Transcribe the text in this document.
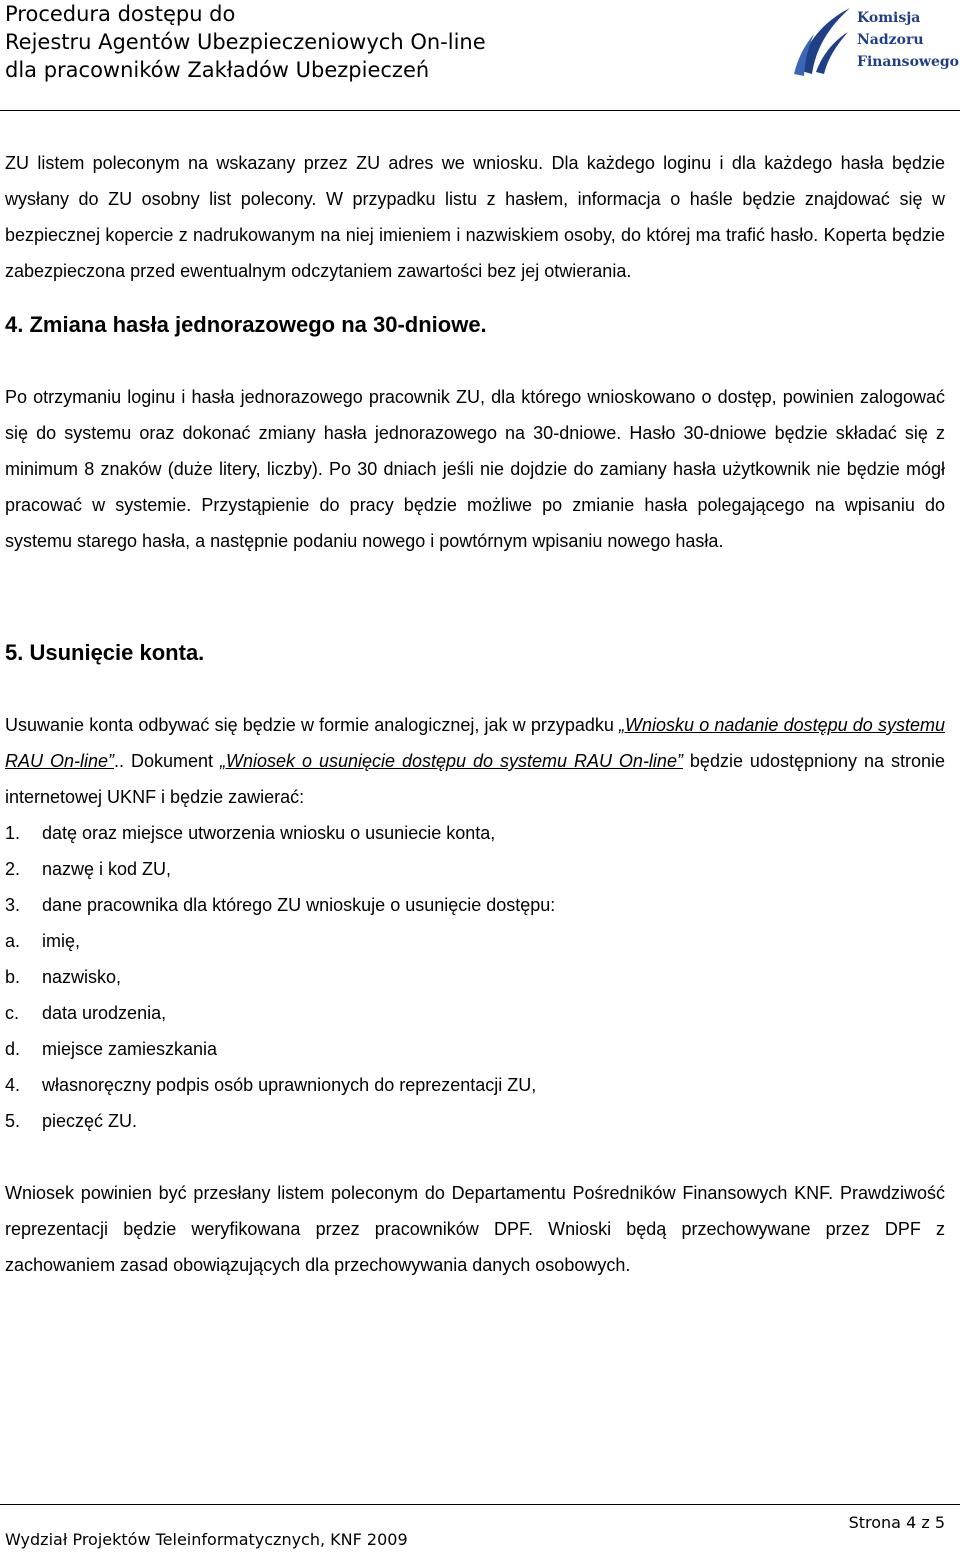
Procedura dostępu do
Rejestru Agentów Ubezpieczeniowych On-line
dla pracowników Zakładów Ubezpieczeń
Komisja
Nadzoru
Finansowego

ZU listem poleconym na wskazany przez ZU adres we wniosku. Dla każdego loginu i dla każdego hasła będzie wysłany do ZU osobny list polecony. W przypadku listu z hasłem, informacja o haśle będzie znajdować się w bezpiecznej kopercie z nadrukowanym na niej imieniem i nazwiskiem osoby, do której ma trafić hasło. Koperta będzie zabezpieczona przed ewentualnym odczytaniem zawartości bez jej otwierania.

4. Zmiana hasła jednorazowego na 30-dniowe.

Po otrzymaniu loginu i hasła jednorazowego pracownik ZU, dla którego wnioskowano o dostęp, powinien zalogować się do systemu oraz dokonać zmiany hasła jednorazowego na 30-dniowe. Hasło 30-dniowe będzie składać się z minimum 8 znaków (duże litery, liczby). Po 30 dniach jeśli nie dojdzie do zamiany hasła użytkownik nie będzie mógł pracować w systemie. Przystąpienie do pracy będzie możliwe po zmianie hasła polegającego na wpisaniu do systemu starego hasła, a następnie podaniu nowego i powtórnym wpisaniu nowego hasła.

5. Usunięcie konta.

Usuwanie konta odbywać się będzie w formie analogicznej, jak w przypadku „Wniosku o nadanie dostępu do systemu RAU On-line”.. Dokument „Wniosek o usunięcie dostępu do systemu RAU On-line” będzie udostępniony na stronie internetowej UKNF i będzie zawierać:

1. datę oraz miejsce utworzenia wniosku o usuniecie konta,
2. nazwę i kod ZU,
3. dane pracownika dla którego ZU wnioskuje o usunięcie dostępu:
a. imię,
b. nazwisko,
c. data urodzenia,
d. miejsce zamieszkania
4. własnoręczny podpis osób uprawnionych do reprezentacji ZU,
5. pieczęć ZU.

Wniosek powinien być przesłany listem poleconym do Departamentu Pośredników Finansowych KNF. Prawdziwość reprezentacji będzie weryfikowana przez pracowników DPF. Wnioski będą przechowywane przez DPF z zachowaniem zasad obowiązujących dla przechowywania danych osobowych.

Strona 4 z 5
Wydział Projektów Teleinformatycznych, KNF 2009
